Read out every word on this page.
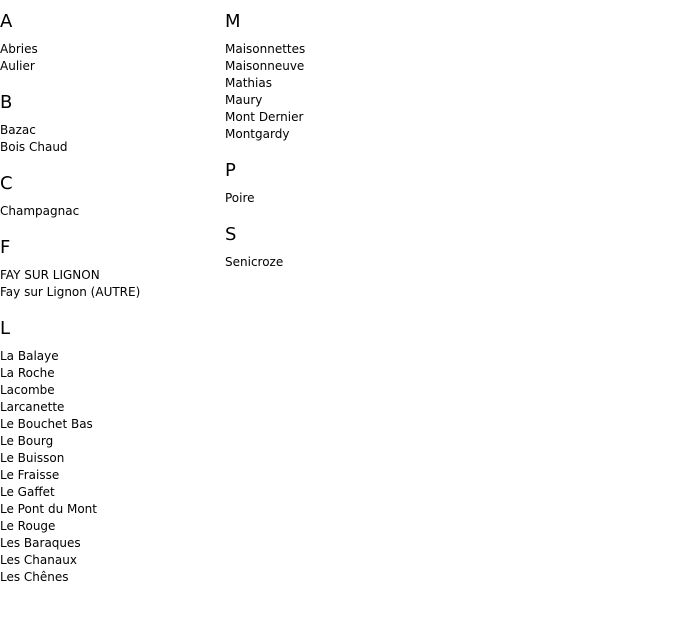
A
Abries
Aulier
B
Bazac
Bois Chaud
C
Champagnac
F
FAY SUR LIGNON
Fay sur Lignon (AUTRE)
L
La Balaye
La Roche
Lacombe
Larcanette
Le Bouchet Bas
Le Bourg
Le Buisson
Le Fraisse
Le Gaffet
Le Pont du Mont
Le Rouge
Les Baraques
Les Chanaux
Les Chênes
M
Maisonnettes
Maisonneuve
Mathias
Maury
Mont Dernier
Montgardy
P
Poire
S
Senicroze
